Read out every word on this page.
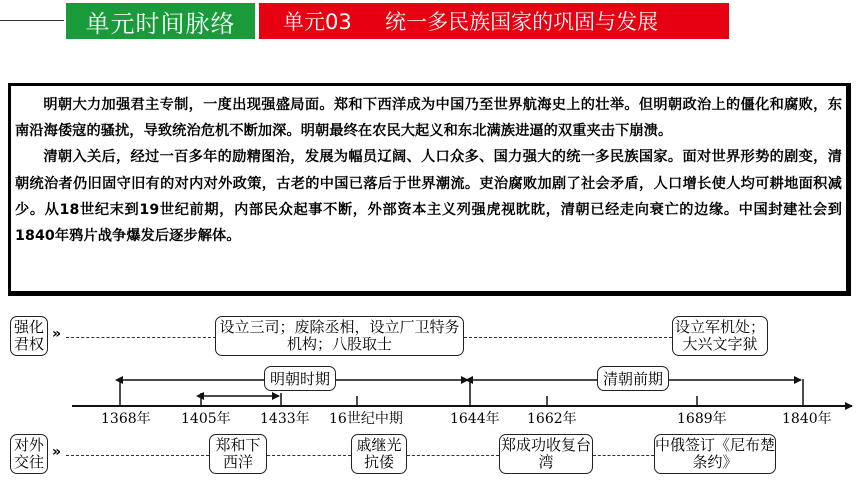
单元时间脉络	单元03     统一多民族国家的巩固与发展

明朝大力加强君主专制，一度出现强盛局面。郑和下西洋成为中国乃至世界航海史上的壮举。但明朝政治上的僵化和腐败，东南沿海倭寇的骚扰，导致统治危机不断加深。明朝最终在农民大起义和东北满族进逼的双重夹击下崩溃。

清朝入关后，经过一百多年的励精图治，发展为幅员辽阔、人口众多、国力强大的统一多民族国家。面对世界形势的剧变，清朝统治者仍旧固守旧有的对内对外政策，古老的中国已落后于世界潮流。吏治腐败加剧了社会矛盾，人口增长使人均可耕地面积减少。从18世纪末到19世纪前期，内部民众起事不断，外部资本主义列强虎视眈眈，清朝已经走向衰亡的边缘。中国封建社会到1840年鸦片战争爆发后逐步解体。

强化君权
»	设立三司；废除丞相，设立厂卫特务机构；八股取士
设立军机处；大兴文字狱
明朝时期	清朝前期
1368年 1405年 1433年 16世纪中期	1644年 1662年	1689年	1840年
对外交往
»	郑和下西洋
戚继光抗倭
郑成功收复台湾
中俄签订《尼布楚条约》
